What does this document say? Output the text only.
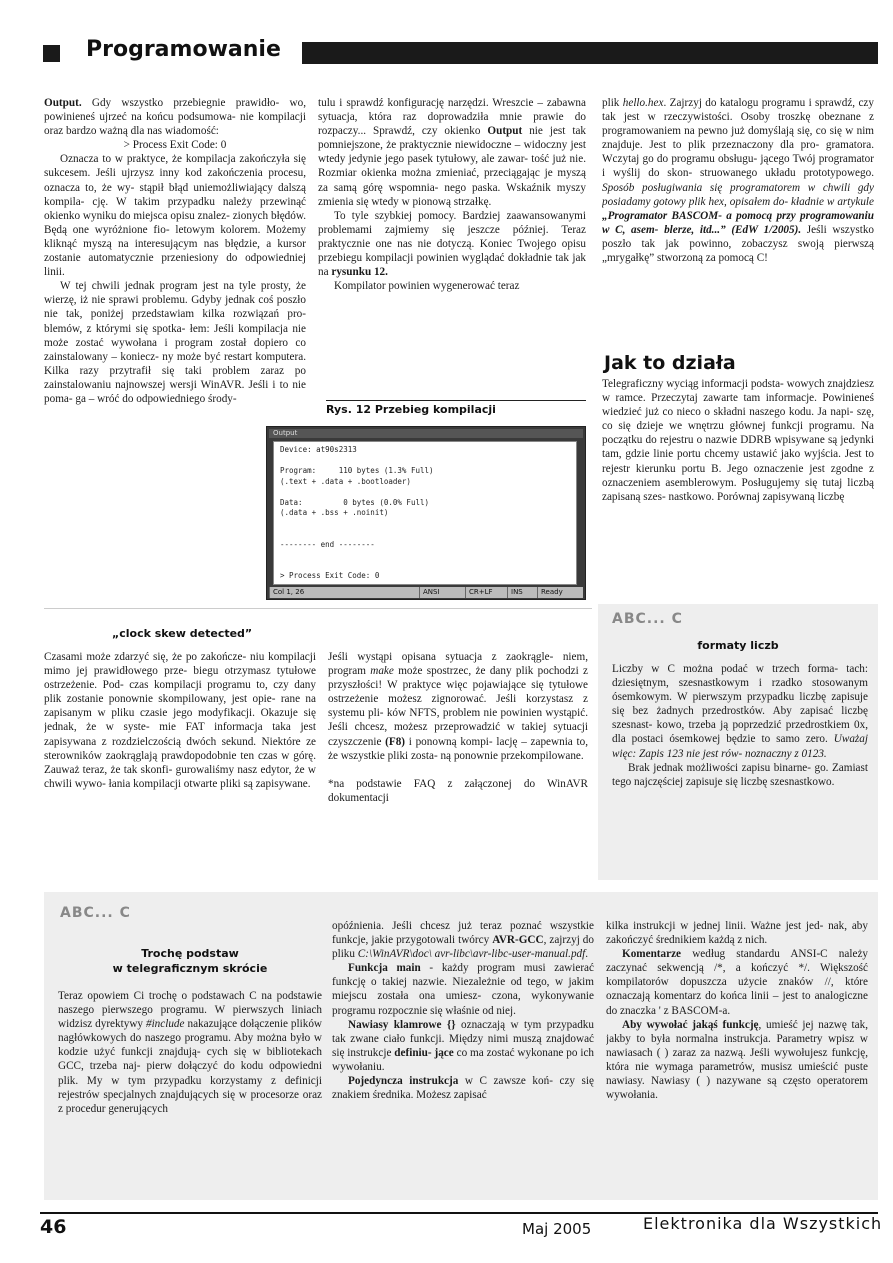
Programowanie

Output. Gdy wszystko przebiegnie prawidło- wo, powinieneś ujrzeć na końcu podsumowa- nie kompilacji oraz bardzo ważną dla nas wiadomość:

> Process Exit Code: 0

Oznacza to w praktyce, że kompilacja zakończyła się sukcesem. Jeśli ujrzysz inny kod zakończenia procesu, oznacza to, że wy- stąpił błąd uniemożliwiający dalszą kompila- cję. W takim przypadku należy przewinąć okienko wyniku do miejsca opisu znalez- zionych błędów. Będą one wyróżnione fio- letowym kolorem. Możemy kliknąć myszą na interesującym nas błędzie, a kursor zostanie automatycznie przeniesiony do odpowiedniej linii.

W tej chwili jednak program jest na tyle prosty, że wierzę, iż nie sprawi problemu. Gdyby jednak coś poszło nie tak, poniżej przedstawiam kilka rozwiązań pro- blemów, z którymi się spotka- łem: Jeśli kompilacja nie może zostać wywołana i program został dopiero co zainstalowany – koniecz- ny może być restart komputera. Kilka razy przytrafił się taki problem zaraz po zainstalowaniu najnowszej wersji WinAVR. Jeśli i to nie poma- ga – wróć do odpowiedniego środy-

tulu i sprawdź konfigurację narzędzi. Wreszcie – zabawna sytuacja, która raz doprowadziła mnie prawie do rozpaczy... Sprawdź, czy okienko Output nie jest tak pomniejszone, że praktycznie niewidoczne – widoczny jest wtedy jedynie jego pasek tytułowy, ale zawar- tość już nie. Rozmiar okienka można zmieniać, przeciągając je myszą za samą górę wspomnia- nego paska. Wskaźnik myszy zmienia się wtedy w pionową strzałkę.

To tyle szybkiej pomocy. Bardziej zaawansowanymi problemami zajmiemy się jeszcze później. Teraz praktycznie one nas nie dotyczą. Koniec Twojego opisu przebiegu kompilacji powinien wyglądać dokładnie tak jak na rysunku 12.

Kompilator powinien wygenerować teraz

plik hello.hex. Zajrzyj do katalogu programu i sprawdź, czy tak jest w rzeczywistości. Osoby troszkę obeznane z programowaniem na pewno już domyślają się, co się w nim znajduje. Jest to plik przeznaczony dla pro- gramatora. Wczytaj go do programu obsługu- jącego Twój programator i wyślij do skon- struowanego układu prototypowego. Sposób posługiwania się programatorem w chwili gdy posiadamy gotowy plik hex, opisałem do- kładnie w artykule „Programator BASCOM- a pomocą przy programowaniu w C, asem- blerze, itd...” (EdW 1/2005). Jeśli wszystko poszło tak jak powinno, zobaczysz swoją pierwszą „mrygałkę” stworzoną za pomocą C!

Jak to działa

Telegraficzny wyciąg informacji podsta- wowych znajdziesz w ramce. Przeczytaj zawarte tam informacje. Powinieneś wiedzieć już co nieco o składni naszego kodu. Ja napi- szę, co się dzieje we wnętrzu głównej funkcji programu. Na początku do rejestru o nazwie DDRB wpisywane są jedynki tam, gdzie linie portu chcemy ustawić jako wyjścia. Jest to rejestr kierunku portu B. Jego oznaczenie jest zgodne z oznaczeniem asemblerowym. Posługujemy się tutaj liczbą zapisaną szes- nastkowo. Porównaj zapisywaną liczbę

Rys. 12 Przebieg kompilacji
Output
Device: at90s2313
Program:     110 bytes (1.3% Full)
(.text + .data + .bootloader)
Data:         0 bytes (0.0% Full)
(.data + .bss + .noinit)
-------- end --------
> Process Exit Code: 0
Col 1, 26	ANSI	CR+LF	INS	Ready
„clock skew detected”

Czasami może zdarzyć się, że po zakończe- niu kompilacji mimo jej prawidłowego prze- biegu otrzymasz tytułowe ostrzeżenie. Pod- czas kompilacji programu to, czy dany plik zostanie ponownie skompilowany, jest opie- rane na zapisanym w pliku czasie jego modyfikacji. Okazuje się jednak, że w syste- mie FAT informacja taka jest zapisywana z rozdzielczością dwóch sekund. Niektóre ze sterowników zaokrąglają prawdopodobnie ten czas w górę. Zauważ teraz, że tak skonfi- gurowaliśmy nasz edytor, że w chwili wywo- łania kompilacji otwarte pliki są zapisywane.

Jeśli wystąpi opisana sytuacja z zaokrągle- niem, program make może spostrzec, że dany plik pochodzi z przyszłości! W praktyce więc pojawiające się tytułowe ostrzeżenie możesz zignorować. Jeśli korzystasz z systemu pli- ków NFTS, problem nie powinien wystąpić. Jeśli chcesz, możesz przeprowadzić w takiej sytuacji czyszczenie (F8) i ponowną kompi- lację – zapewnia to, że wszystkie pliki zosta- ną ponownie przekompilowane.

*na podstawie FAQ z załączonej do WinAVR dokumentacji

ABC... C
formaty liczb

Liczby w C można podać w trzech forma- tach: dziesiętnym, szesnastkowym i rzadko stosowanym ósemkowym. W pierwszym przypadku liczbę zapisuje się bez żadnych przedrostków. Aby zapisać liczbę szesnast- kowo, trzeba ją poprzedzić przedrostkiem 0x, dla postaci ósemkowej będzie to samo zero. Uważaj więc: Zapis 123 nie jest rów- noznaczny z 0123.

Brak jednak możliwości zapisu binarne- go. Zamiast tego najczęściej zapisuje się liczbę szesnastkowo.

ABC... C
Trochę podstaw
w telegraficznym skrócie

Teraz opowiem Ci trochę o podstawach C na podstawie naszego pierwszego programu. W pierwszych liniach widzisz dyrektywy #include nakazujące dołączenie plików nagłówkowych do naszego programu. Aby można było w kodzie użyć funkcji znajdują- cych się w bibliotekach GCC, trzeba naj- pierw dołączyć do kodu odpowiedni plik. My w tym przypadku korzystamy z definicji rejestrów specjalnych znajdujących się w procesorze oraz z procedur generujących

opóźnienia. Jeśli chcesz już teraz poznać wszystkie funkcje, jakie przygotowali twórcy AVR-GCC, zajrzyj do pliku C:\WinAVR\doc\ avr-libc\avr-libc-user-manual.pdf.

Funkcja main - każdy program musi zawierać funkcję o takiej nazwie. Niezależnie od tego, w jakim miejscu została ona umiesz- czona, wykonywanie programu rozpocznie się właśnie od niej.

Nawiasy klamrowe {} oznaczają w tym przypadku tak zwane ciało funkcji. Między nimi muszą znajdować się instrukcje definiu- jące co ma zostać wykonane po ich wywołaniu.

Pojedyncza instrukcja w C zawsze koń- czy się znakiem średnika. Możesz zapisać

kilka instrukcji w jednej linii. Ważne jest jed- nak, aby zakończyć średnikiem każdą z nich.

Komentarze według standardu ANSI-C należy zaczynać sekwencją /*, a kończyć */. Większość kompilatorów dopuszcza użycie znaków //, które oznaczają komentarz do końca linii – jest to analogiczne do znaczka ' z BASCOM-a.

Aby wywołać jakąś funkcję, umieść jej nazwę tak, jakby to była normalna instrukcja. Parametry wpisz w nawiasach ( ) zaraz za nazwą. Jeśli wywołujesz funkcję, która nie wymaga parametrów, musisz umieścić puste nawiasy. Nawiasy ( ) nazywane są często operatorem wywołania.

46	Maj 2005	Elektronika dla Wszystkich
